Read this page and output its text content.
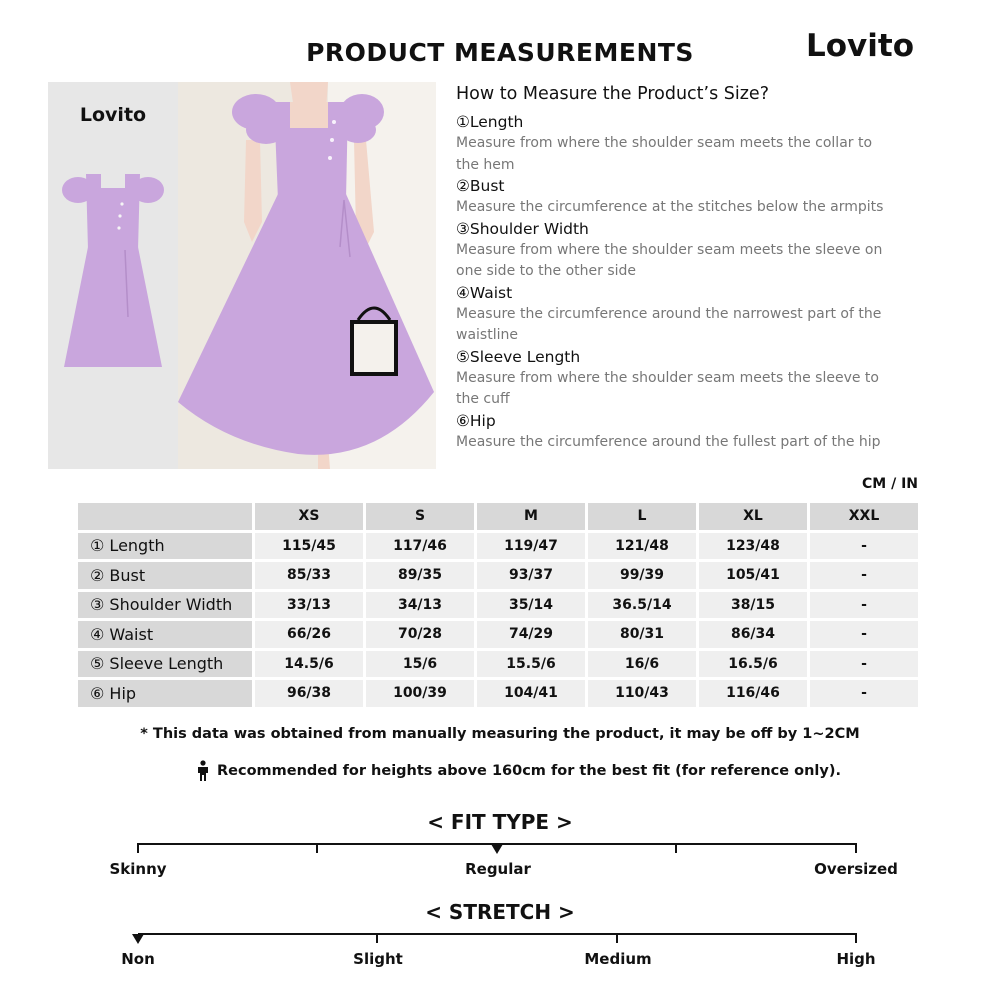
PRODUCT MEASUREMENTS	Lovito
Lovito
How to Measure the Product’s Size?
①Length
Measure from where the shoulder seam meets the collar to the hem
②Bust
Measure the circumference at the stitches below the armpits
③Shoulder Width
Measure from where the shoulder seam meets the sleeve on one side to the other side
④Waist
Measure the circumference around the narrowest part of the waistline
⑤Sleeve Length
Measure from where the shoulder seam meets the sleeve to the cuff
⑥Hip
Measure the circumference around the fullest part of the hip
CM / IN
	XS	S	M	L	XL	XXL
① Length	115/45	117/46	119/47	121/48	123/48	-
② Bust	85/33	89/35	93/37	99/39	105/41	-
③ Shoulder Width	33/13	34/13	35/14	36.5/14	38/15	-
④ Waist	66/26	70/28	74/29	80/31	86/34	-
⑤ Sleeve Length	14.5/6	15/6	15.5/6	16/6	16.5/6	-
⑥ Hip	96/38	100/39	104/41	110/43	116/46	-
* This data was obtained from manually measuring the product, it may be off by 1~2CM
Recommended for heights above 160cm for the best fit (for reference only).
< FIT TYPE >
Skinny	Regular	Oversized
< STRETCH >
Non	Slight	Medium	High
